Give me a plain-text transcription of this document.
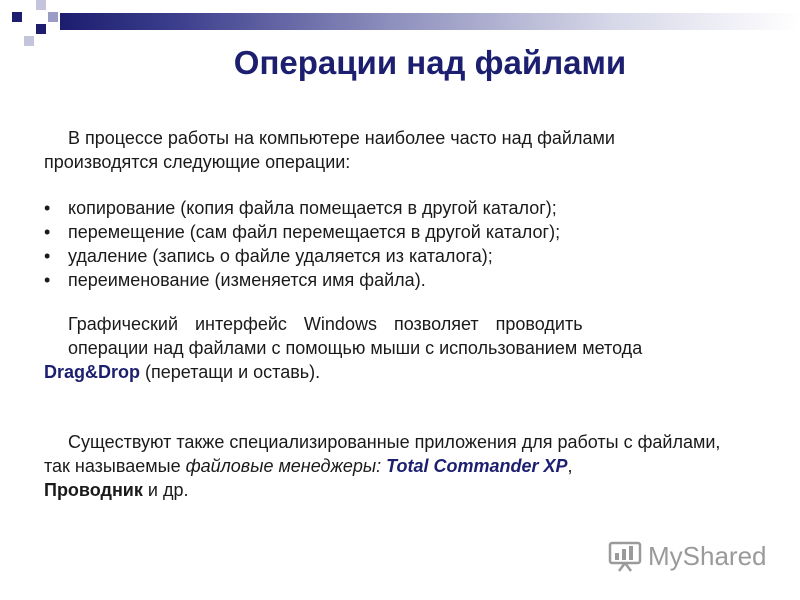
Операции над файлами

В процессе работы на компьютере наиболее часто над файлами производятся следующие операции:

• копирование (копия файла помещается в другой каталог);
• перемещение (сам файл перемещается в другой каталог);
• удаление (запись о файле удаляется из каталога);
• переименование (изменяется имя файла).

Графический интерфейс Windows позволяет проводить
операции над файлами с помощью мыши с использованием метода
Drag&Drop (перетащи и оставь).

Существуют также специализированные приложения для работы с файлами, так называемые файловые менеджеры: Total Commander XP,
Проводник и др.

MyShared
